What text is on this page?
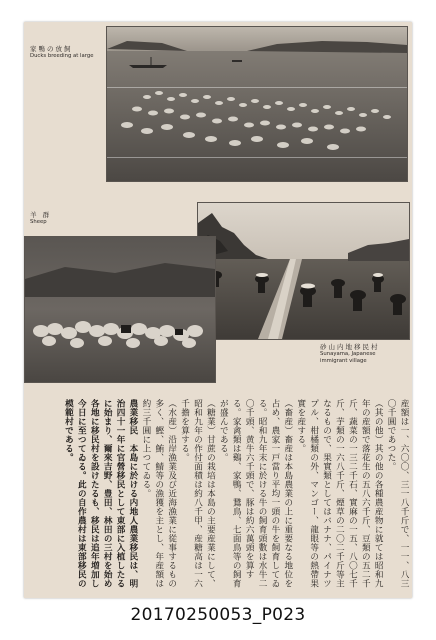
家鴨の放飼
Ducks breeding at large
砂山内地移民村
Sunayama, Japanese
immigrant village
羊 群
Sheep

産額は一、六〇〇、三一八千斤で、一一、八三〇千圓であつた。

（其の他）其の他の各種農産物に就ては昭和九年の産額で落花生の五八六千斤、豆類の五二千斤、蔬菜の一三二千石、實麻の一五、八〇七千斤、芋類の一六八千斤、煙草の二〇二千斤等主なるもので、果實類としてはバナナ、パイナツプル、柑橘類の外、マンゴー、龍眼等の熱帶果實を産する。

（畜産）畜産は本島農業の上に重要なる地位を占め、農家一戸當り平均一頭の牛を飼育してゐる。昭和九年末に於ける牛の飼育頭數は水牛二〇千頭、黄牛六千頭で、豚は約六萬頭を算する。家禽類は鷄、家鴨、鵞鳥、七面鳥等の飼育が盛んである。

（糖業）甘蔗の栽培は本島の主要産業にして、昭和九年の作付面積は約八千甲、産糖高は一六千擔を算する。

（水産）沿岸漁業及び近海漁業に從事するもの多く、鰹、鮪、鯖等の漁獲を主とし、年産額は約三千圓に上つてゐる。

農業移民　本島に於ける内地人農業移民は、明治四十一年に官營移民として東部に入植したるに始まり、爾來吉野、豊田、林田の三村を始め各地に移民村を設けたるも、移民は追年増加し今日に至つてゐる。此の自作農村は東部移民の模範村である。

20170250053_P023
